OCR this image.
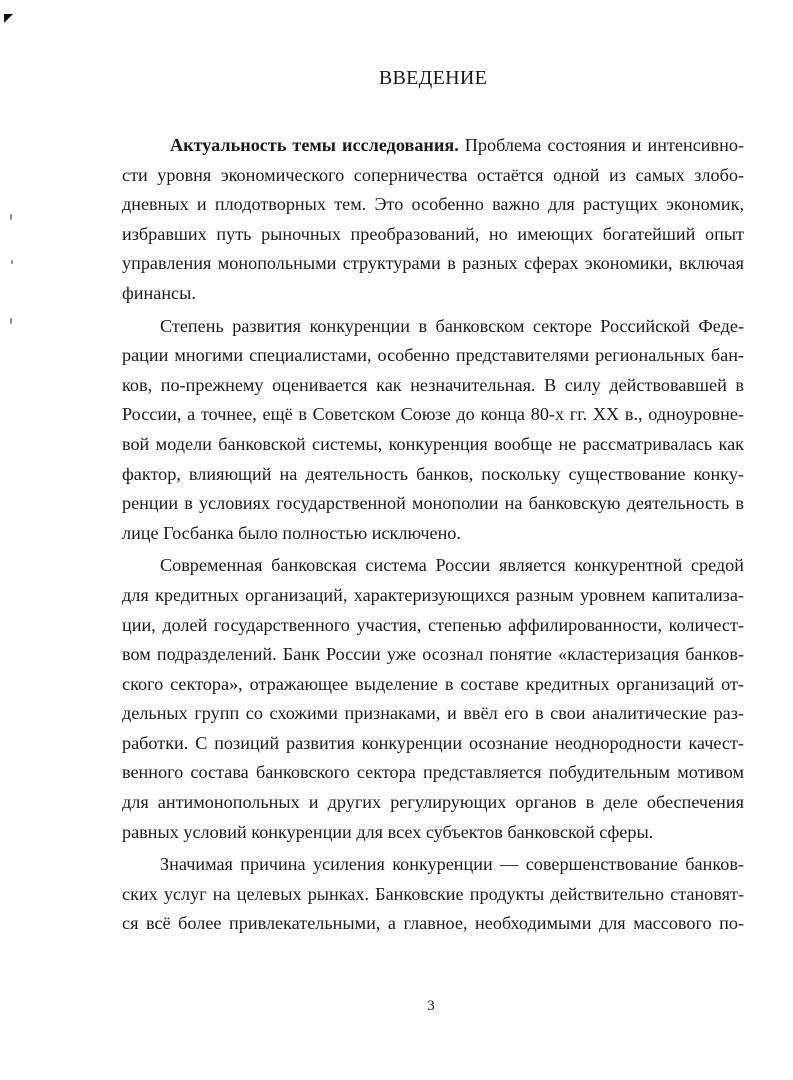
ВВЕДЕНИЕ
Актуальность темы исследования. Проблема состояния и интенсивно-
сти уровня экономического соперничества остаётся одной из самых злобо-
дневных и плодотворных тем. Это особенно важно для растущих экономик,
избравших путь рыночных преобразований, но имеющих богатейший опыт
управления монопольными структурами в разных сферах экономики, включая
финансы.
Степень развития конкуренции в банковском секторе Российской Феде-
рации многими специалистами, особенно представителями региональных бан-
ков, по-прежнему оценивается как незначительная. В силу действовавшей в
России, а точнее, ещё в Советском Союзе до конца 80-х гг. XX в., одноуровне-
вой модели банковской системы, конкуренция вообще не рассматривалась как
фактор, влияющий на деятельность банков, поскольку существование конку-
ренции в условиях государственной монополии на банковскую деятельность в
лице Госбанка было полностью исключено.
Современная банковская система России является конкурентной средой
для кредитных организаций, характеризующихся разным уровнем капитализа-
ции, долей государственного участия, степенью аффилированности, количест-
вом подразделений. Банк России уже осознал понятие «кластеризация банков-
ского сектора», отражающее выделение в составе кредитных организаций от-
дельных групп со схожими признаками, и ввёл его в свои аналитические раз-
работки. С позиций развития конкуренции осознание неоднородности качест-
венного состава банковского сектора представляется побудительным мотивом
для антимонопольных и других регулирующих органов в деле обеспечения
равных условий конкуренции для всех субъектов банковской сферы.
Значимая причина усиления конкуренции — совершенствование банков-
ских услуг на целевых рынках. Банковские продукты действительно становят-
ся всё более привлекательными, а главное, необходимыми для массового по-
3
